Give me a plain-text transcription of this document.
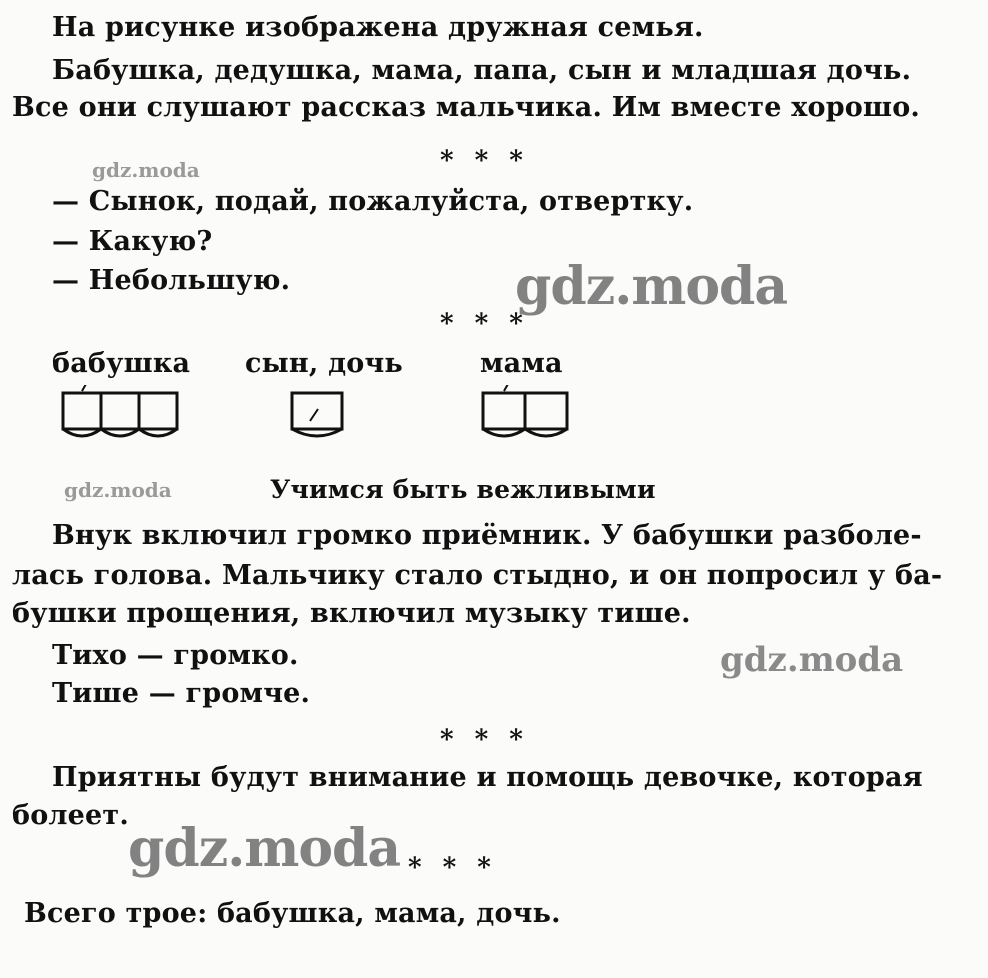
На рисунке изображена дружная семья.
Бабушка, дедушка, мама, папа, сын и младшая дочь.
Все они слушают рассказ мальчика. Им вместе хорошо.
* * *
gdz.moda
— Сынок, подай, пожалуйста, отвертку.
— Какую?
— Небольшую.	gdz.moda
* * *
бабушка сын, дочь	мама
gdz.moda	Учимся быть вежливыми
Внук включил громко приёмник. У бабушки разболе-
лась голова. Мальчику стало стыдно, и он попросил у ба-
бушки прощения, включил музыку тише.
Тихо — громко.
Тише — громче.
gdz.moda
* * *
Приятны будут внимание и помощь девочке, которая
болеет.
gdz.moda * * *
Всего трое: бабушка, мама, дочь.
